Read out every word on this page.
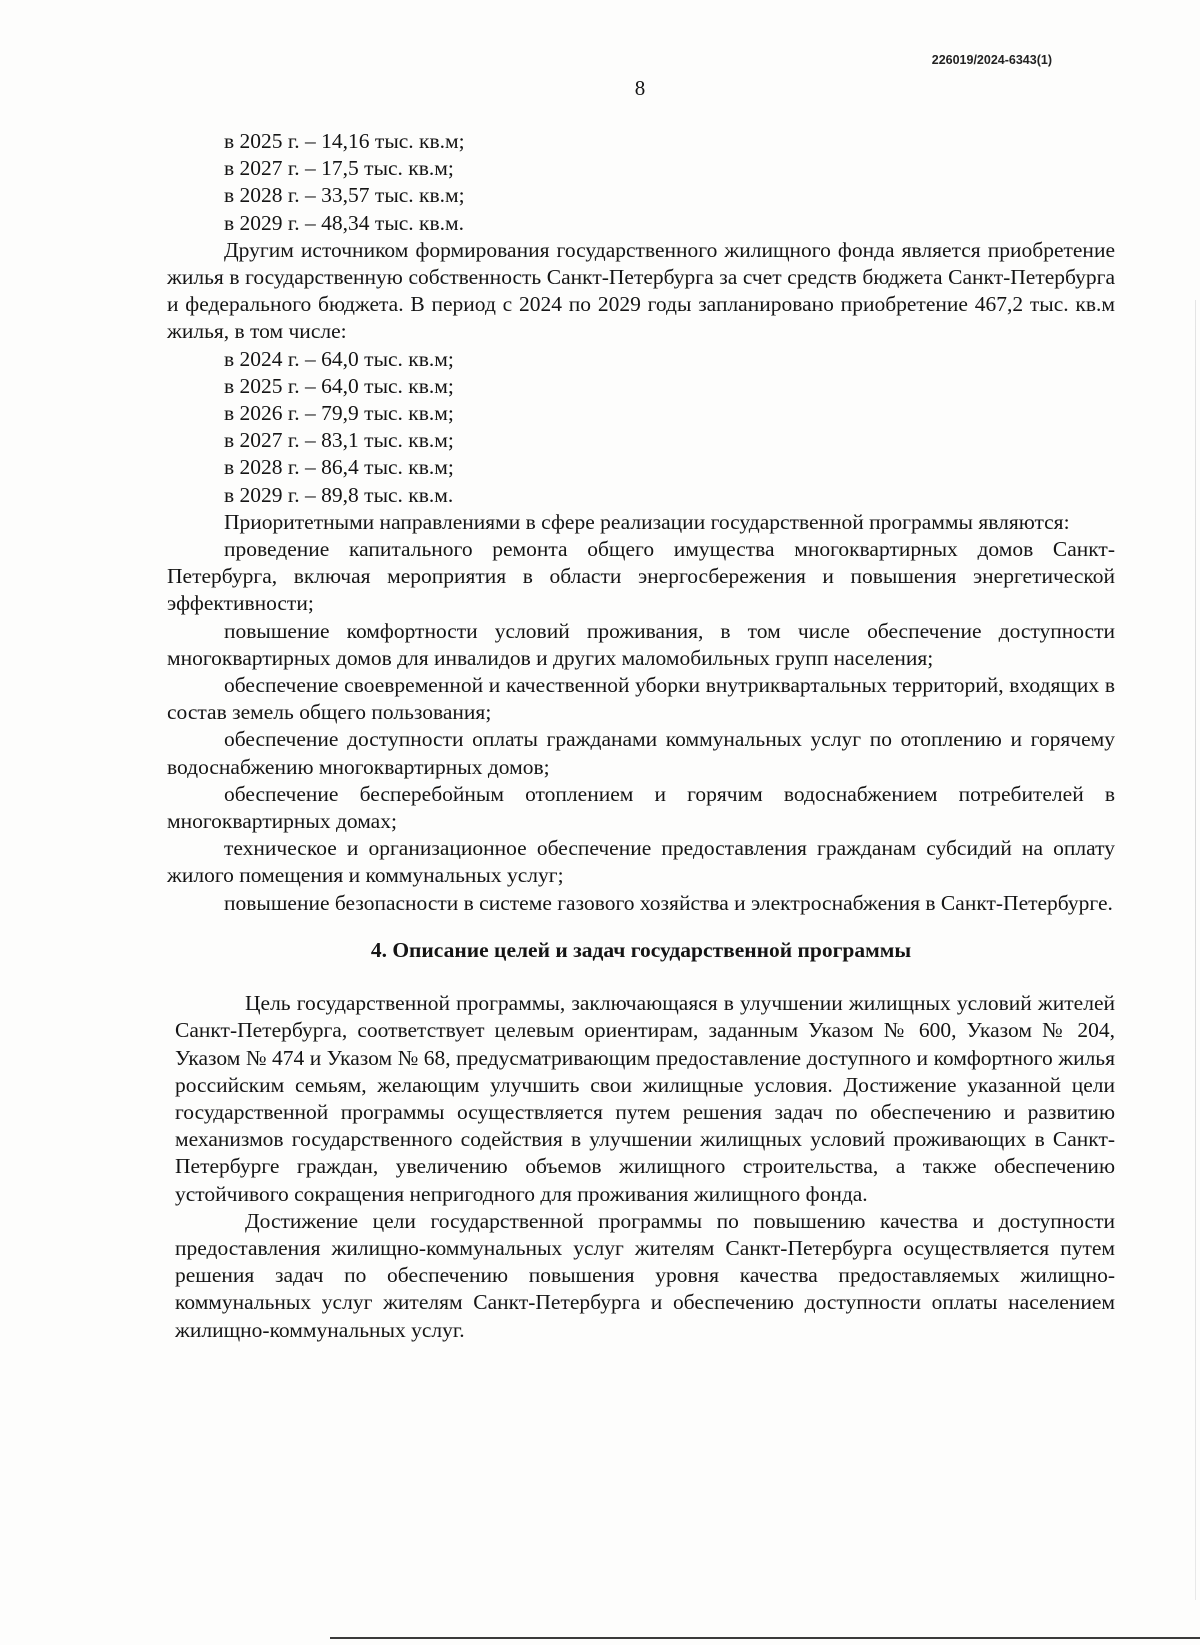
226019/2024-6343(1)
8

в 2025 г. – 14,16 тыс. кв.м;

в 2027 г. – 17,5 тыс. кв.м;

в 2028 г. – 33,57 тыс. кв.м;

в 2029 г. – 48,34 тыс. кв.м.

Другим источником формирования государственного жилищного фонда является приобретение жилья в государственную собственность Санкт-Петербурга за счет средств бюджета Санкт-Петербурга и федерального бюджета. В период с 2024 по 2029 годы запланировано приобретение 467,2 тыс. кв.м жилья, в том числе:

в 2024 г. – 64,0 тыс. кв.м;

в 2025 г. – 64,0 тыс. кв.м;

в 2026 г. – 79,9 тыс. кв.м;

в 2027 г. – 83,1 тыс. кв.м;

в 2028 г. – 86,4 тыс. кв.м;

в 2029 г. – 89,8 тыс. кв.м.

Приоритетными направлениями в сфере реализации государственной программы являются:

проведение капитального ремонта общего имущества многоквартирных домов Санкт-Петербурга, включая мероприятия в области энергосбережения и повышения энергетической эффективности;

повышение комфортности условий проживания, в том числе обеспечение доступности многоквартирных домов для инвалидов и других маломобильных групп населения;

обеспечение своевременной и качественной уборки внутриквартальных территорий, входящих в состав земель общего пользования;

обеспечение доступности оплаты гражданами коммунальных услуг по отоплению и горячему водоснабжению многоквартирных домов;

обеспечение бесперебойным отоплением и горячим водоснабжением потребителей в многоквартирных домах;

техническое и организационное обеспечение предоставления гражданам субсидий на оплату жилого помещения и коммунальных услуг;

повышение безопасности в системе газового хозяйства и электроснабжения в Санкт-Петербурге.

4. Описание целей и задач государственной программы

Цель государственной программы, заключающаяся в улучшении жилищных условий жителей Санкт-Петербурга, соответствует целевым ориентирам, заданным Указом № 600, Указом № 204, Указом № 474 и Указом № 68, предусматривающим предоставление доступного и комфортного жилья российским семьям, желающим улучшить свои жилищные условия. Достижение указанной цели государственной программы осуществляется путем решения задач по обеспечению и развитию механизмов государственного содействия в улучшении жилищных условий проживающих в Санкт-Петербурге граждан, увеличению объемов жилищного строительства, а также обеспечению устойчивого сокращения непригодного для проживания жилищного фонда.

Достижение цели государственной программы по повышению качества и доступности предоставления жилищно-коммунальных услуг жителям Санкт-Петербурга осуществляется путем решения задач по обеспечению повышения уровня качества предоставляемых жилищно-коммунальных услуг жителям Санкт-Петербурга и обеспечению доступности оплаты населением жилищно-коммунальных услуг.
